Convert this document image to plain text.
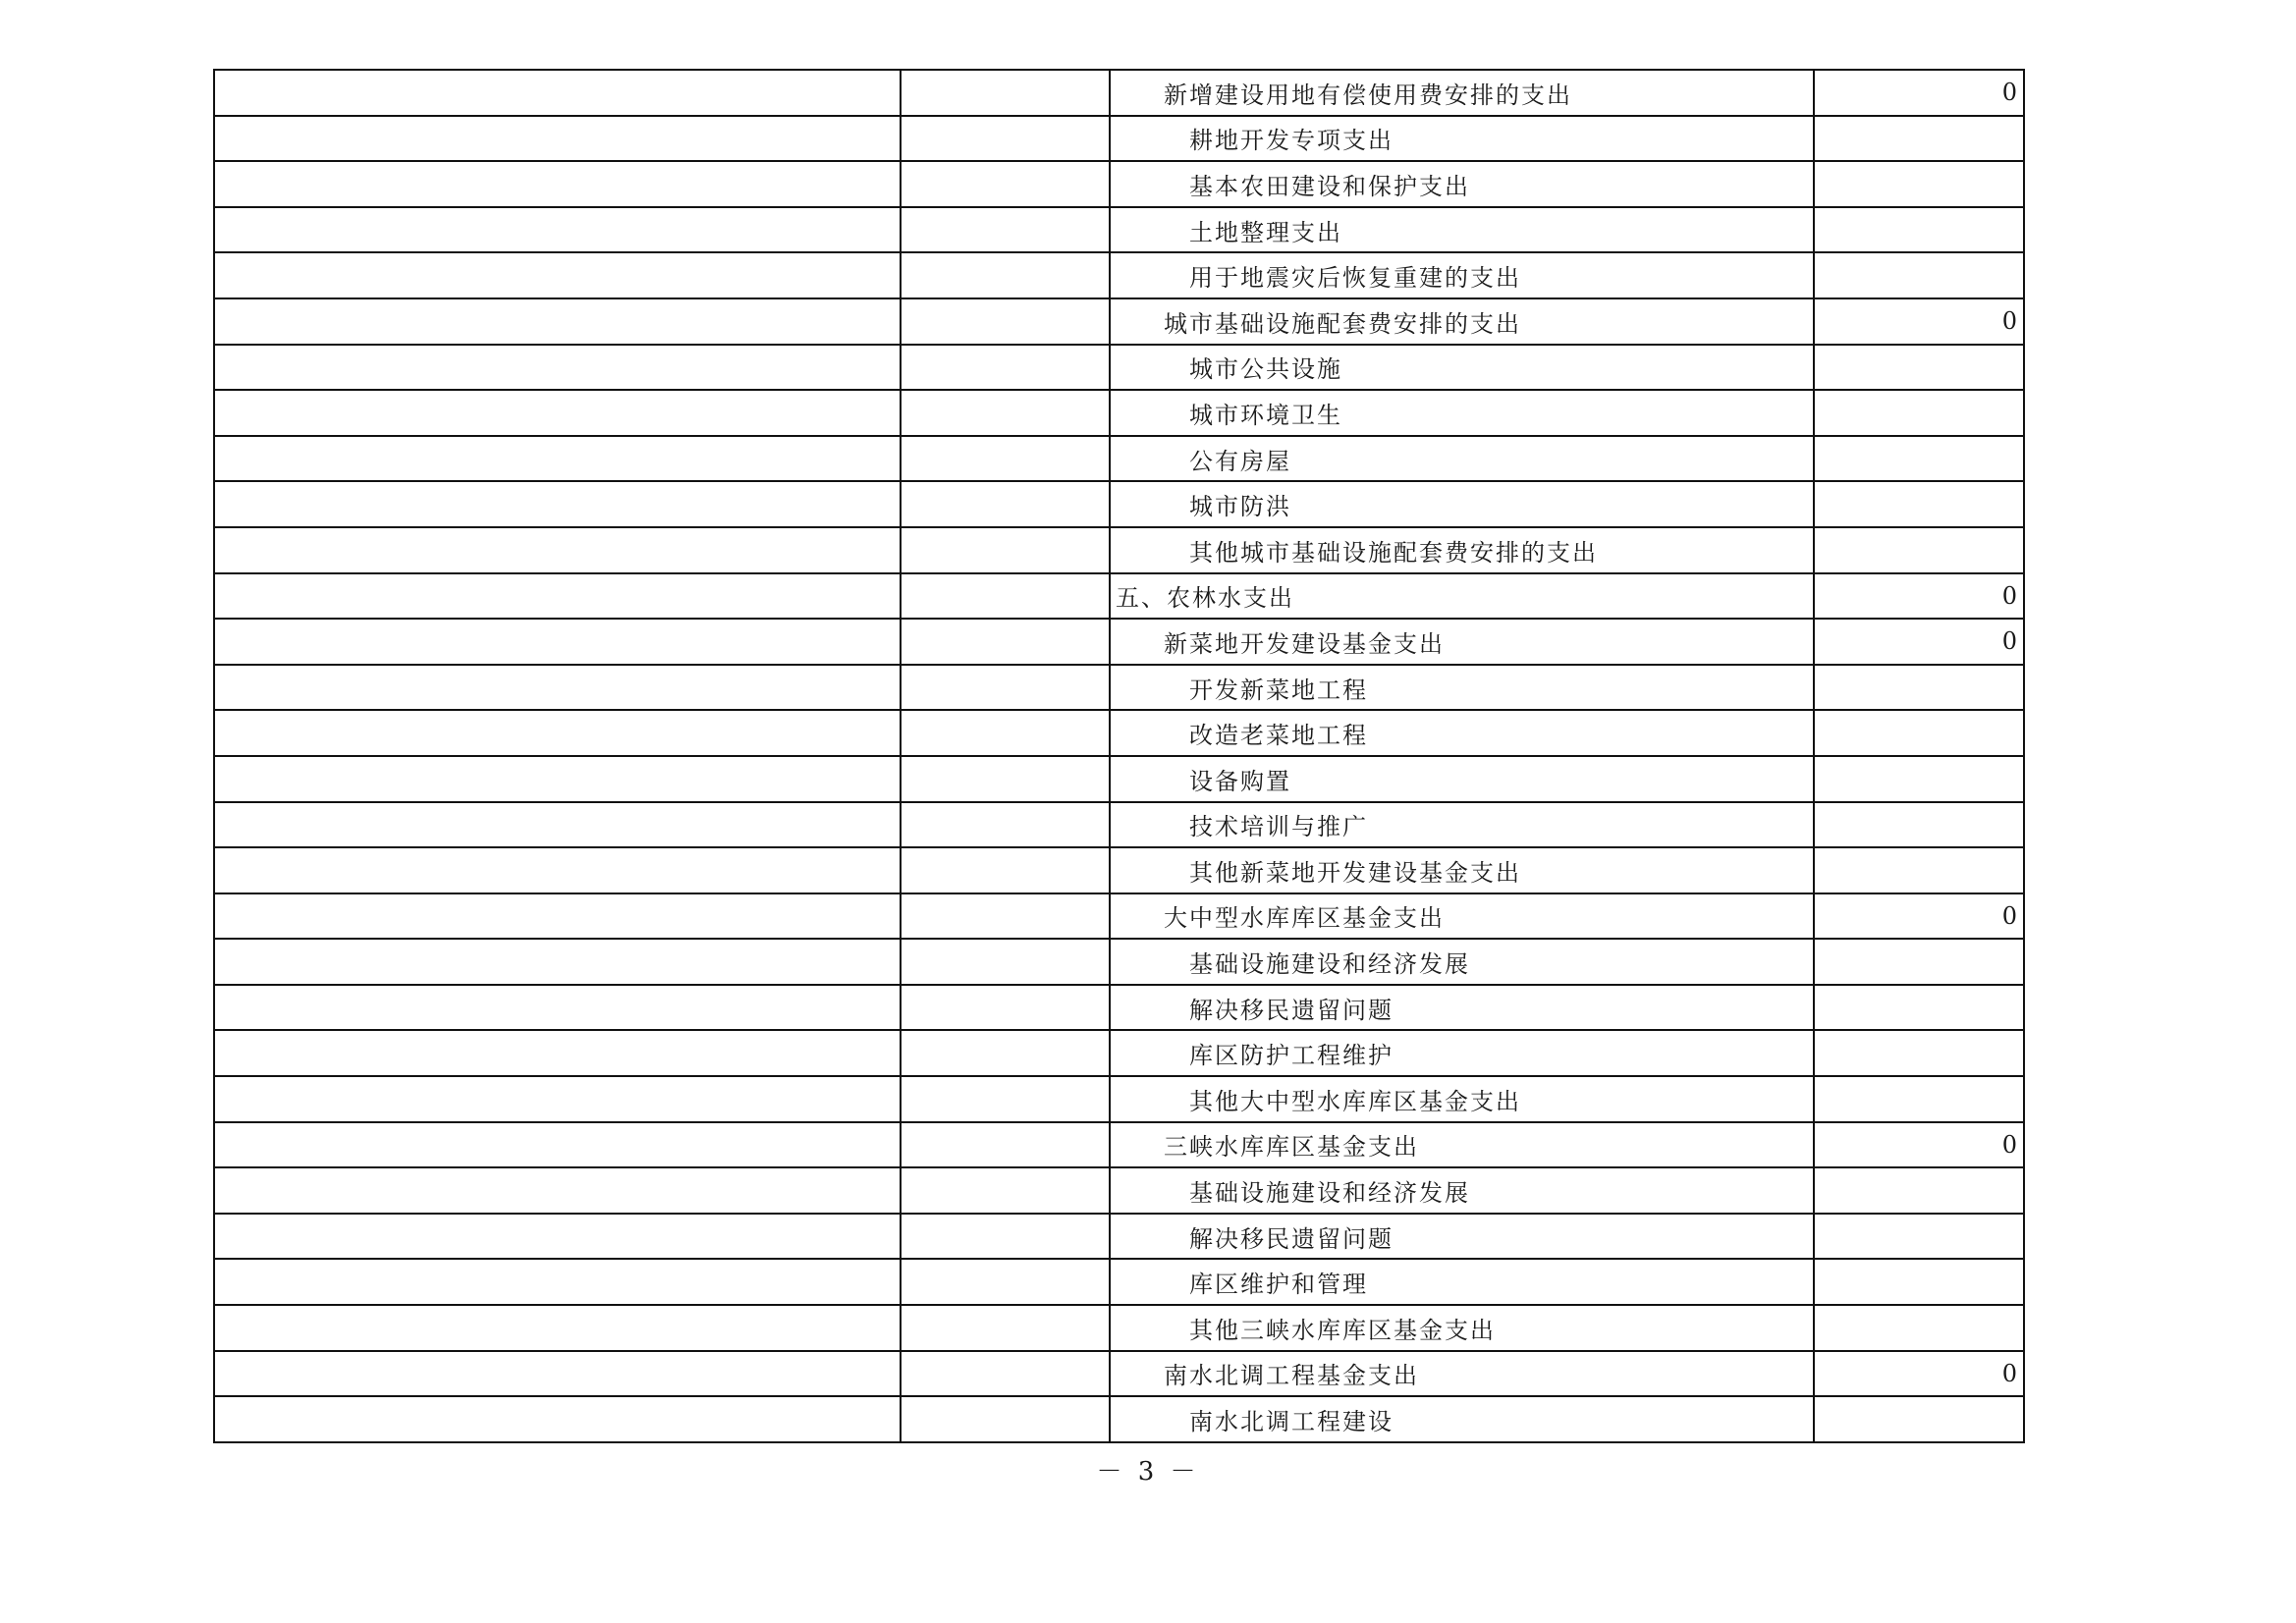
新增建设用地有偿使用费安排的支出	0
耕地开发专项支出
基本农田建设和保护支出
土地整理支出
用于地震灾后恢复重建的支出
城市基础设施配套费安排的支出	0
城市公共设施
城市环境卫生
公有房屋
城市防洪
其他城市基础设施配套费安排的支出
五、农林水支出	0
新菜地开发建设基金支出	0
开发新菜地工程
改造老菜地工程
设备购置
技术培训与推广
其他新菜地开发建设基金支出
大中型水库库区基金支出	0
基础设施建设和经济发展
解决移民遗留问题
库区防护工程维护
其他大中型水库库区基金支出
三峡水库库区基金支出	0
基础设施建设和经济发展
解决移民遗留问题
库区维护和管理
其他三峡水库库区基金支出
南水北调工程基金支出	0
南水北调工程建设
－ 3 －
